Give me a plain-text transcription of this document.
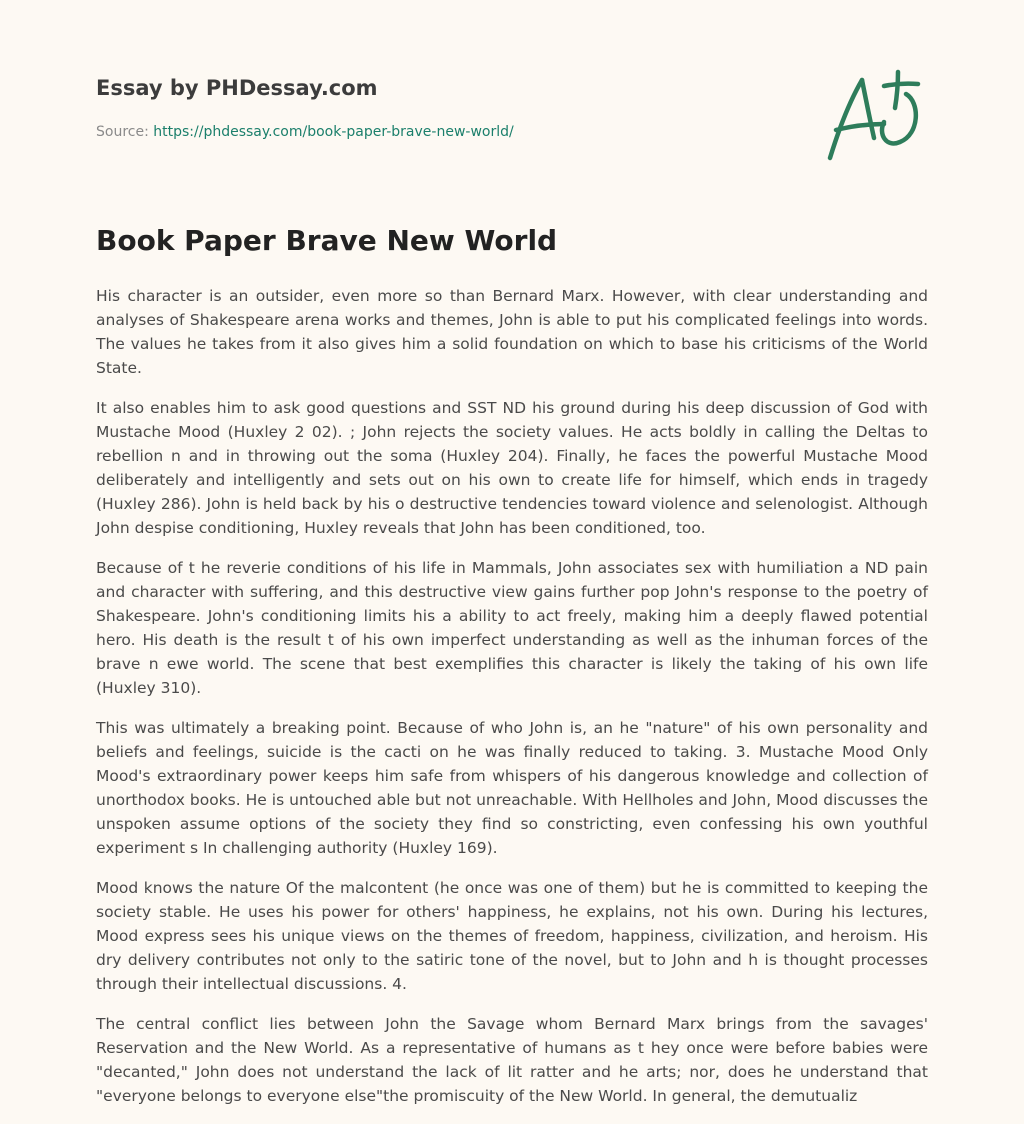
Essay by PHDessay.com
Source: https://phdessay.com/book-paper-brave-new-world/
Book Paper Brave New World

His character is an outsider, even more so than Bernard Marx. However, with clear understanding and analyses of Shakespeare arena works and themes, John is able to put his complicated feelings into words. The values he takes from it also gives him a solid foundation on which to base his criticisms of the World State.

It also enables him to ask good questions and SST ND his ground during his deep discussion of God with Mustache Mood (Huxley 2 02). ; John rejects the society values. He acts boldly in calling the Deltas to rebellion n and in throwing out the soma (Huxley 204). Finally, he faces the powerful Mustache Mood deliberately and intelligently and sets out on his own to create life for himself, which ends in tragedy (Huxley 286). John is held back by his o destructive tendencies toward violence and selenologist. Although John despise conditioning, Huxley reveals that John has been conditioned, too.

Because of t he reverie conditions of his life in Mammals, John associates sex with humiliation a ND pain and character with suffering, and this destructive view gains further pop John's response to the poetry of Shakespeare. John's conditioning limits his a ability to act freely, making him a deeply flawed potential hero. His death is the result t of his own imperfect understanding as well as the inhuman forces of the brave n ewe world. The scene that best exemplifies this character is likely the taking of his own life (Huxley 310).

This was ultimately a breaking point. Because of who John is, an he "nature" of his own personality and beliefs and feelings, suicide is the cacti on he was finally reduced to taking. 3. Mustache Mood Only Mood's extraordinary power keeps him safe from whispers of his dangerous knowledge and collection of unorthodox books. He is untouched able but not unreachable. With Hellholes and John, Mood discusses the unspoken assume options of the society they find so constricting, even confessing his own youthful experiment s In challenging authority (Huxley 169).

Mood knows the nature Of the malcontent (he once was one of them) but he is committed to keeping the society stable. He uses his power for others' happiness, he explains, not his own. During his lectures, Mood express sees his unique views on the themes of freedom, happiness, civilization, and heroism. His dry delivery contributes not only to the satiric tone of the novel, but to John and h is thought processes through their intellectual discussions. 4.

The central conflict lies between John the Savage whom Bernard Marx brings from the savages' Reservation and the New World. As a representative of humans as t hey once were before babies were "decanted," John does not understand the lack of lit ratter and he arts; nor, does he understand that "everyone belongs to everyone else"the promiscuity of the New World. In general, the demutualiz
